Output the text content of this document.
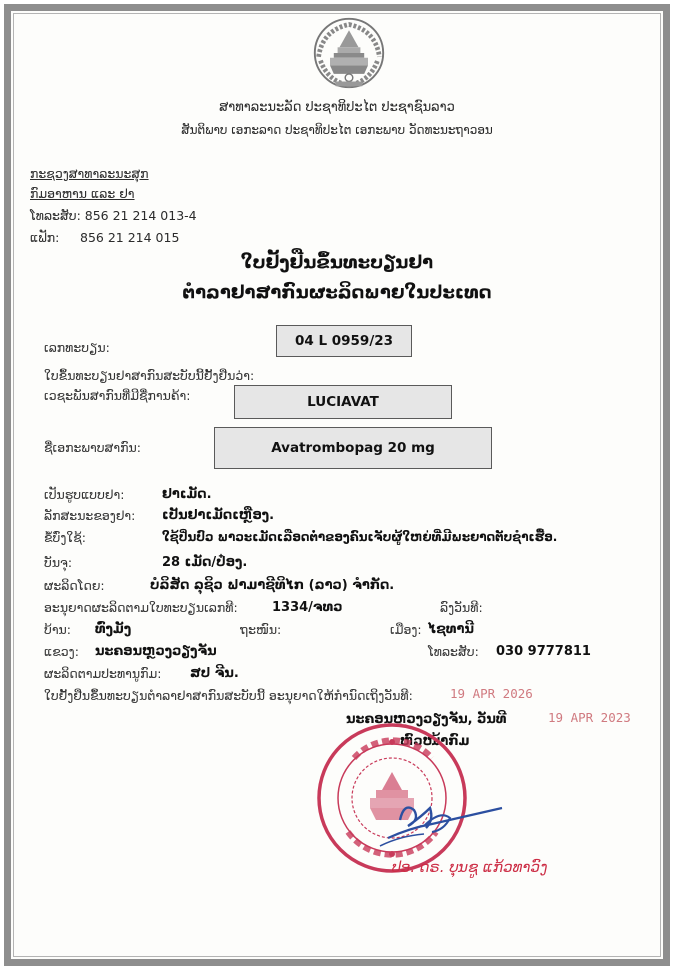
ສາທາລະນະລັດ ປະຊາທິປະໄຕ ປະຊາຊົນລາວ
ສັນຕິພາບ ເອກະລາດ ປະຊາທິປະໄຕ ເອກະພາບ ວັດທະນະຖາວອນ
ກະຊວງສາທາລະນະສຸກ
ກົມອາຫານ ແລະ ຢາ
ໂທລະສັບ: 856 21 214 013-4
ແຟັກ: 856 21 214 015
ໃບຢັ້ງຢືນຂຶ້ນທະບຽນຢາ
ຕຳລາຢາສາກົນຜະລິດພາຍໃນປະເທດ
ເລກທະບຽນ:	04 L 0959/23
ໃບຂຶ້ນທະບຽນຢາສາກົນສະບັບນີ້ຢັ້ງຢືນວ່າ:
ເວຊະພັນສາກົນທີ່ມີຊື່ການຄ້າ:	LUCIAVAT
ຊື່ເອກະພາບສາກົນ:	Avatrombopag 20 mg
ເປັນຮູບແບບຢາ:	ຢາເມັດ.
ລັກສະນະຂອງຢາ: ເປັນຢາເມັດເຫຼືອງ.
ຂໍ້ບົ່ງໃຊ້:	ໃຊ້ປິ່ນປົວ ພາວະເມັດເລືອດຕ່ຳຂອງຄົນເຈັບຜູ້ໃຫຍ່ທີ່ມີພະຍາດຕັບຊຳເຮື້ອ.
ບັນຈຸ:	28 ເມັດ/ປ໋ອງ.
ຜະລິດໂດຍ:	ບໍລິສັດ ລຸຊິວ ຟາມາຊີທິໄກ (ລາວ) ຈຳກັດ.
ອະນຸຍາດຜະລິດຕາມໃບທະບຽນເລກທີ:	1334/ຈທວ	ລົງວັນທີ:
ບ້ານ: ທົ່ງມັງ	ຖະໜົນ:	ເມືອງ: ໄຊທານີ
ແຂວງ: ນະຄອນຫຼວງວຽງຈັນ	ໂທລະສັບ: 030 9777811
ຜະລິດຕາມປະທານູກົມ: ສປ ຈີນ.
ໃບຢັ້ງຢືນຂຶ້ນທະບຽນຕຳລາຢາສາກົນສະບັບນີ້ ອະນຸຍາດໃຫ້ກຳນົດເຖິງວັນທີ:	19 APR 2026
ນະຄອນຫຼວງວຽງຈັນ, ວັນທີ	19 APR 2023
ຫົວໜ້າກົມ
ປອ. ດຣ. ບຸນຊູ ແກ້ວທາວົງ
